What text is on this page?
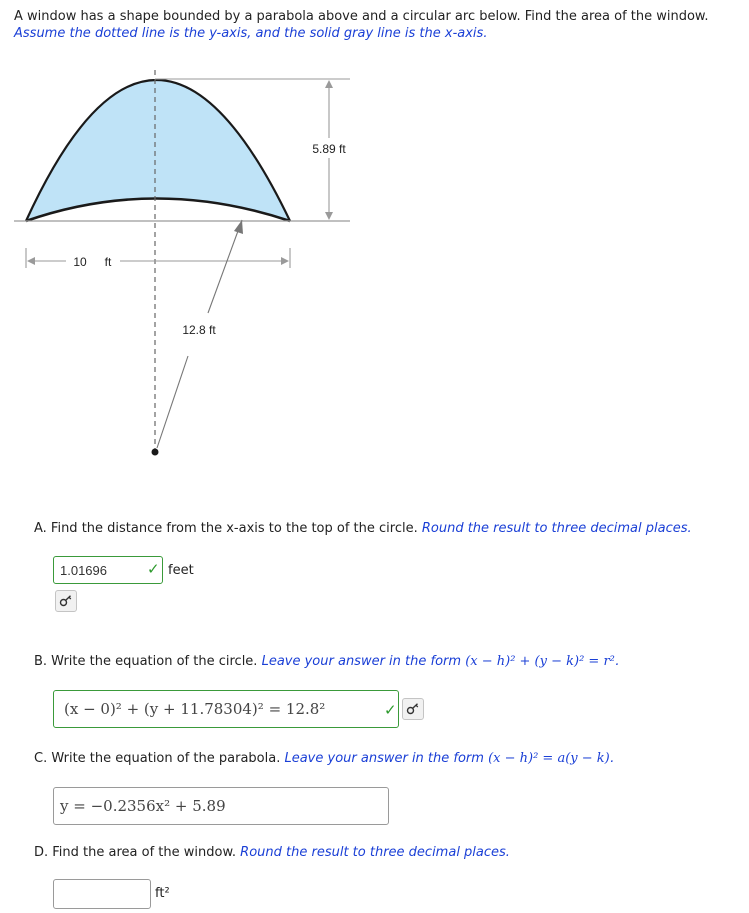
A window has a shape bounded by a parabola above and a circular arc below. Find the area of the window.
Assume the dotted line is the y-axis, and the solid gray line is the x-axis.
5.89 ft
10 ft
12.8 ft
A. Find the distance from the x-axis to the top of the circle. Round the result to three decimal places.
1.01696	✓ feet
B. Write the equation of the circle. Leave your answer in the form (x − h)² + (y − k)² = r².
(x − 0)² + (y + 11.78304)² = 12.8²	✓
C. Write the equation of the parabola. Leave your answer in the form (x − h)² = a(y − k).
y = −0.2356x² + 5.89
D. Find the area of the window. Round the result to three decimal places.
ft²
